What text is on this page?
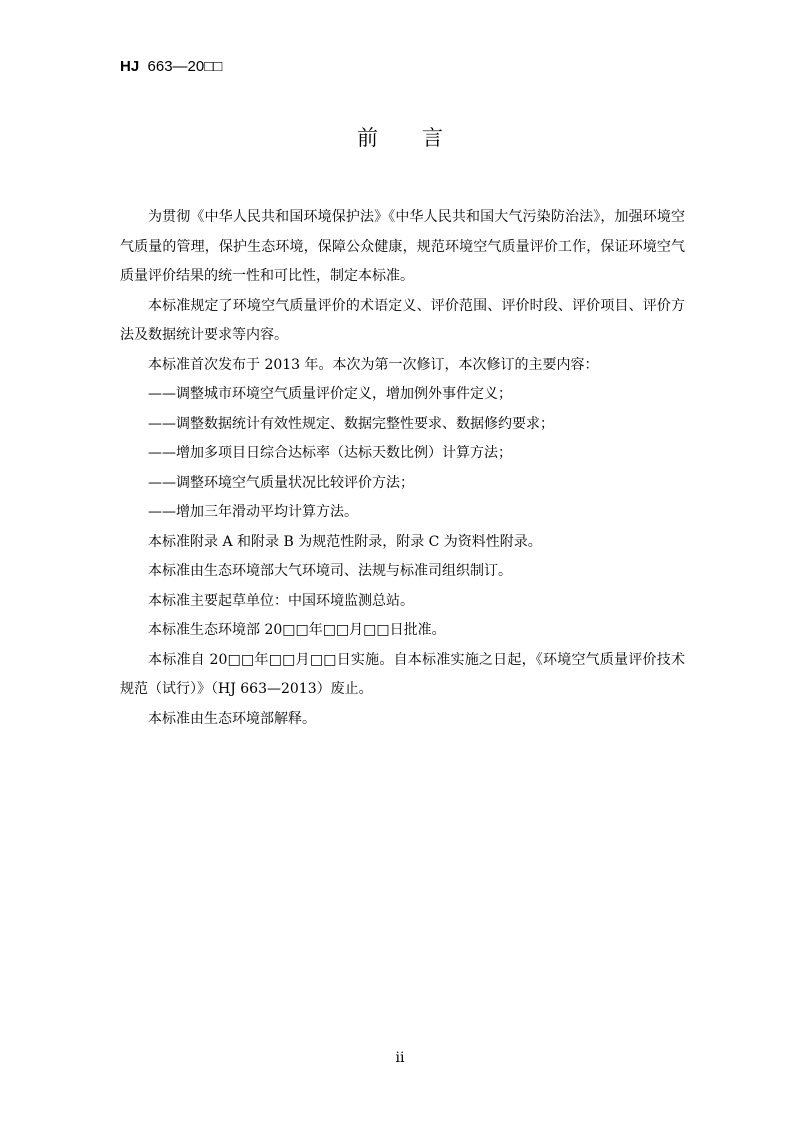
HJ  663—20□□
前言

为贯彻《中华人民共和国环境保护法》《中华人民共和国大气污染防治法》，加强环境空气质量的管理，保护生态环境，保障公众健康，规范环境空气质量评价工作，保证环境空气质量评价结果的统一性和可比性，制定本标准。

本标准规定了环境空气质量评价的术语定义、评价范围、评价时段、评价项目、评价方法及数据统计要求等内容。

本标准首次发布于 2013 年。本次为第一次修订，本次修订的主要内容：

——调整城市环境空气质量评价定义，增加例外事件定义；

——调整数据统计有效性规定、数据完整性要求、数据修约要求；

——增加多项目日综合达标率（达标天数比例）计算方法；

——调整环境空气质量状况比较评价方法；

——增加三年滑动平均计算方法。

本标准附录 A 和附录 B 为规范性附录，附录 C 为资料性附录。

本标准由生态环境部大气环境司、法规与标准司组织制订。

本标准主要起草单位：中国环境监测总站。

本标准生态环境部 20□□年□□月□□日批准。

本标准自 20□□年□□月□□日实施。自本标准实施之日起，《环境空气质量评价技术规范（试行）》（HJ 663—2013）废止。

本标准由生态环境部解释。

ii
